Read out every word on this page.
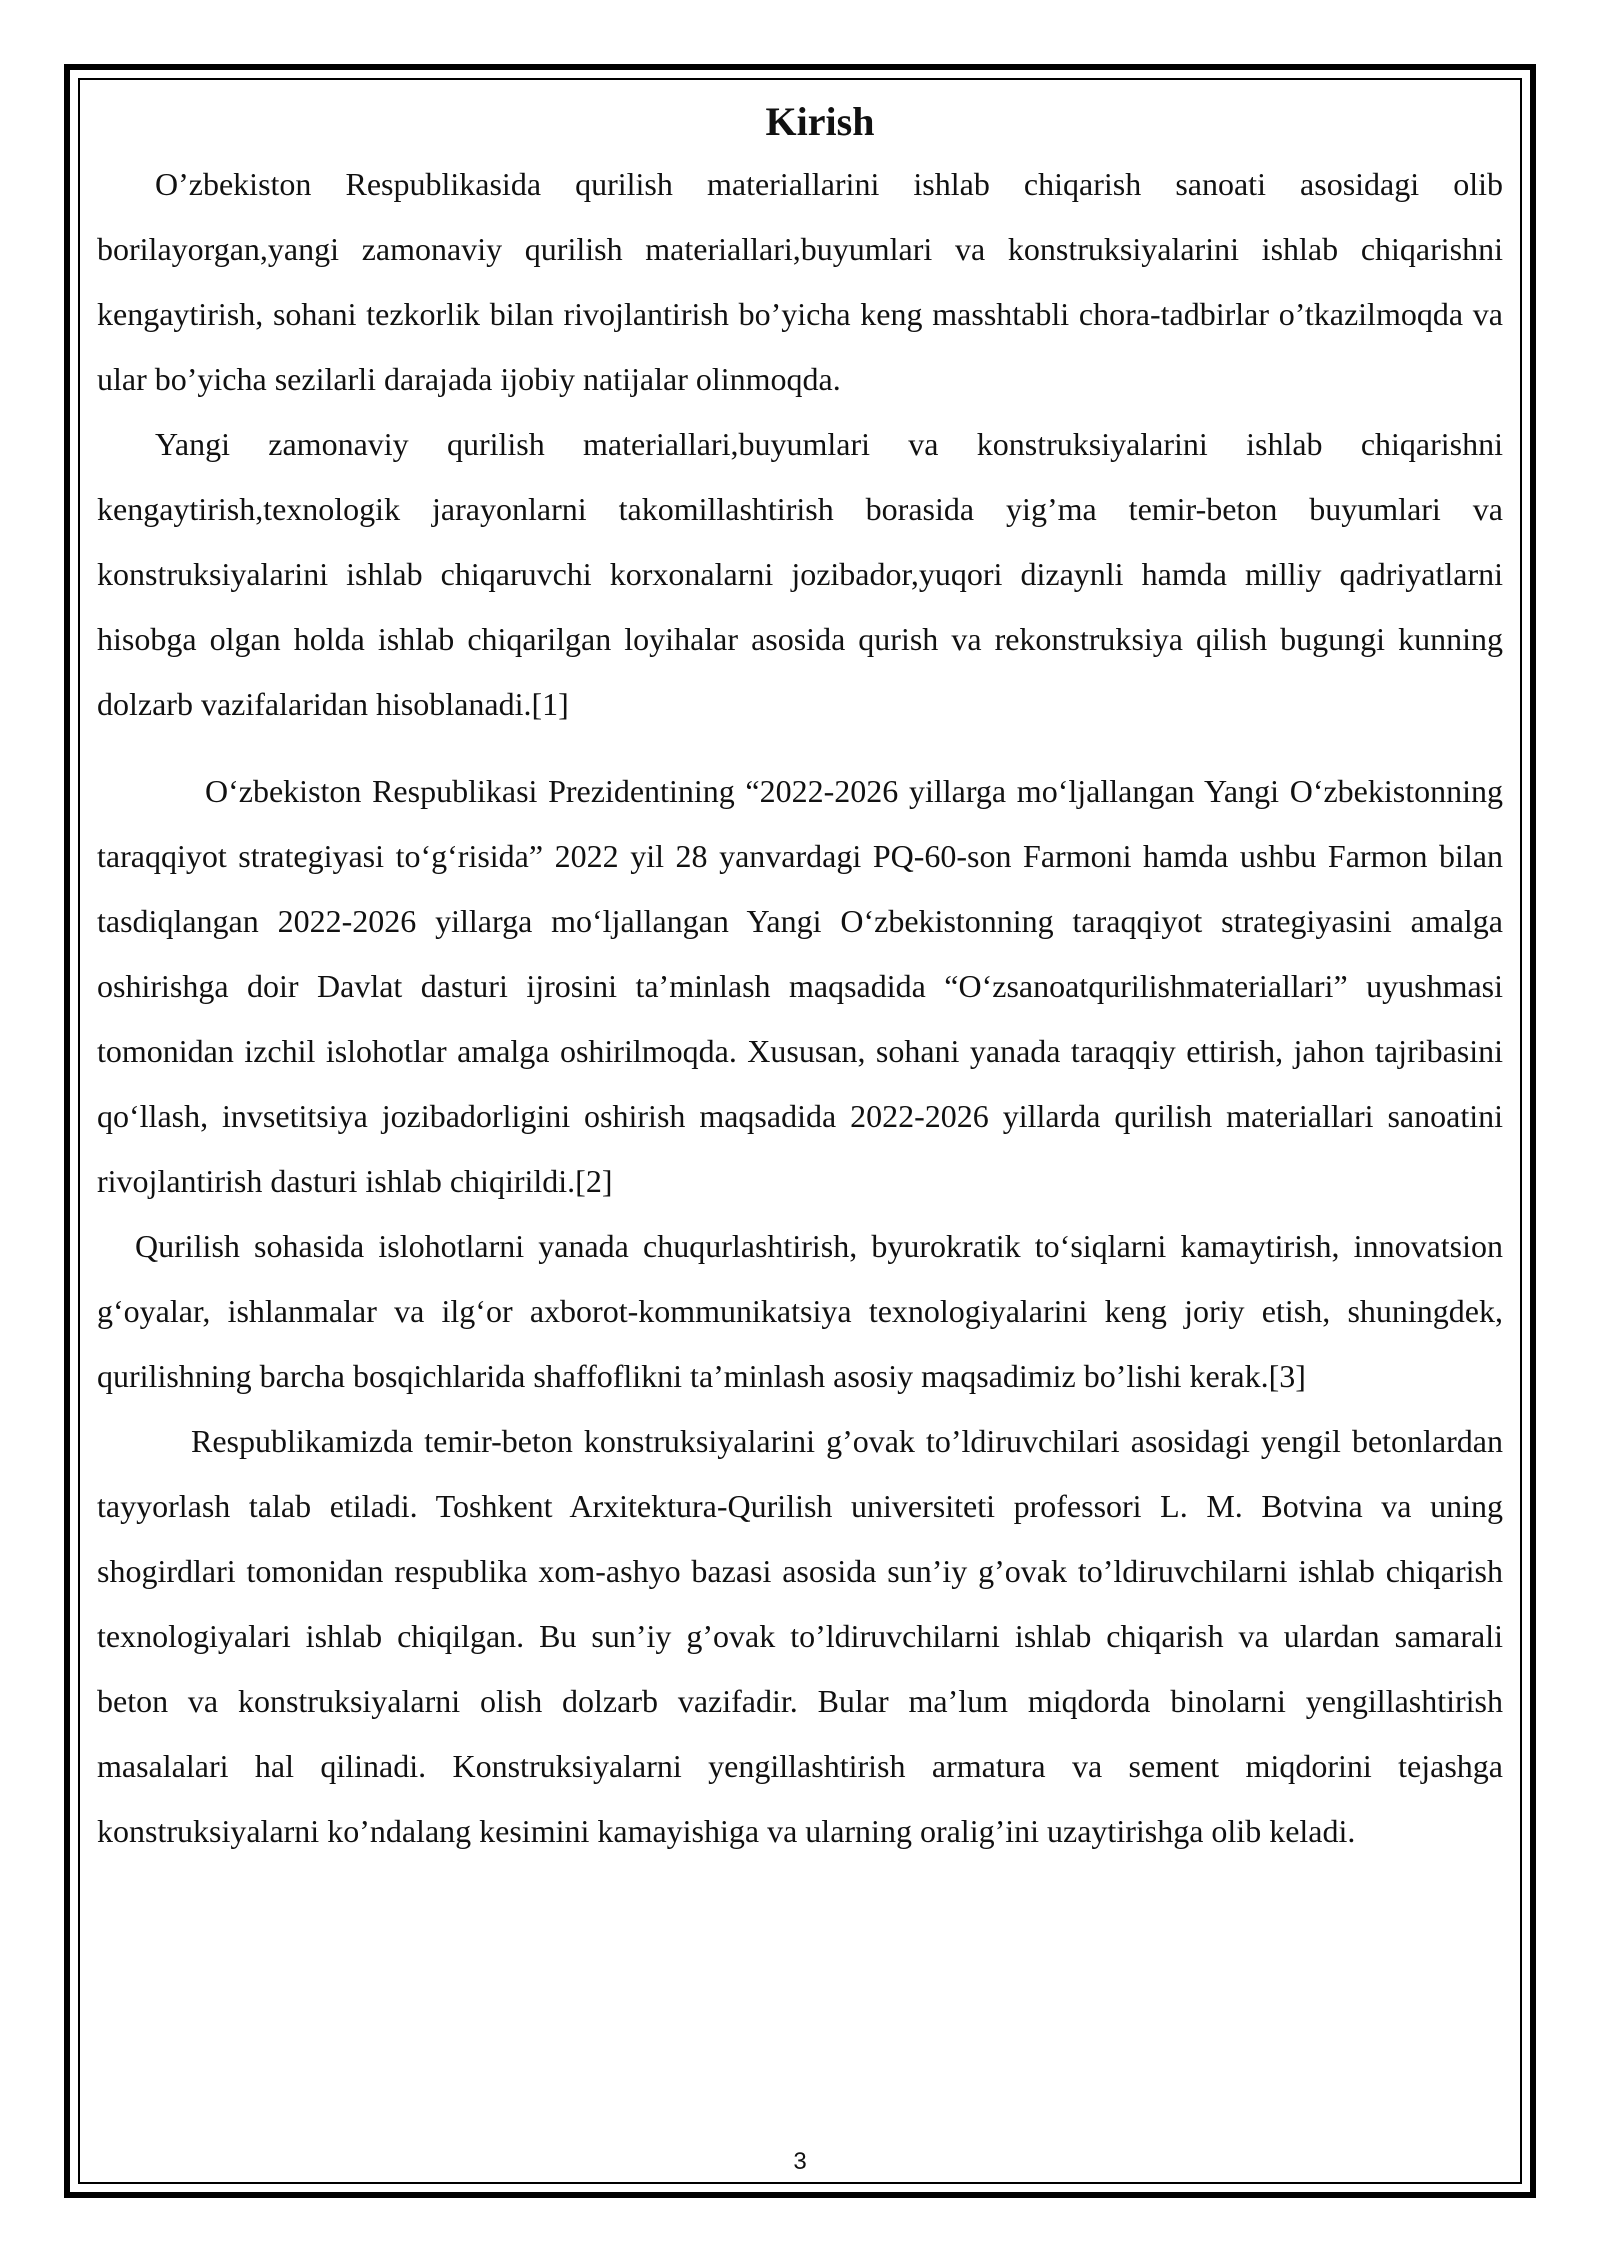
Kirish

O’zbekiston Respublikasida qurilish materiallarini ishlab chiqarish sanoati asosidagi olib borilayorgan,yangi zamonaviy qurilish materiallari,buyumlari va konstruksiyalarini ishlab chiqarishni kengaytirish, sohani tezkorlik bilan rivojlantirish bo’yicha keng masshtabli chora-tadbirlar o’tkazilmoqda va ular bo’yicha sezilarli darajada ijobiy natijalar olinmoqda.

Yangi zamonaviy qurilish materiallari,buyumlari va konstruksiyalarini ishlab chiqarishni kengaytirish,texnologik jarayonlarni takomillashtirish borasida yig’ma temir-beton buyumlari va konstruksiyalarini ishlab chiqaruvchi korxonalarni jozibador,yuqori dizaynli hamda milliy qadriyatlarni hisobga olgan holda ishlab chiqarilgan loyihalar asosida qurish va rekonstruksiya qilish bugungi kunning dolzarb vazifalaridan hisoblanadi.[1]

O‘zbekiston Respublikasi Prezidentining “2022-2026 yillarga mo‘ljallangan Yangi O‘zbekistonning taraqqiyot strategiyasi to‘g‘risida” 2022 yil 28 yanvardagi PQ-60-son Farmoni hamda ushbu Farmon bilan tasdiqlangan 2022-2026 yillarga mo‘ljallangan Yangi O‘zbekistonning taraqqiyot strategiyasini amalga oshirishga doir Davlat dasturi ijrosini ta’minlash maqsadida “O‘zsanoatqurilishmateriallari” uyushmasi tomonidan izchil islohotlar amalga oshirilmoqda. Xususan, sohani yanada taraqqiy ettirish, jahon tajribasini qo‘llash, invsetitsiya jozibadorligini oshirish maqsadida 2022-2026 yillarda qurilish materiallari sanoatini rivojlantirish dasturi ishlab chiqirildi.[2]

Qurilish sohasida islohotlarni yanada chuqurlashtirish, byurokratik to‘siqlarni kamaytirish, innovatsion g‘oyalar, ishlanmalar va ilg‘or axborot-kommunikatsiya texnologiyalarini keng joriy etish, shuningdek, qurilishning barcha bosqichlarida shaffoflikni ta’minlash asosiy maqsadimiz bo’lishi kerak.[3]

Respublikamizda temir-beton konstruksiyalarini g’ovak to’ldiruvchilari asosidagi yengil betonlardan tayyorlash talab etiladi. Toshkent Arxitektura-Qurilish universiteti professori L. M. Botvina va uning shogirdlari tomonidan respublika xom-ashyo bazasi asosida sun’iy g’ovak to’ldiruvchilarni ishlab chiqarish texnologiyalari ishlab chiqilgan. Bu sun’iy g’ovak to’ldiruvchilarni ishlab chiqarish va ulardan samarali beton va konstruksiyalarni olish dolzarb vazifadir. Bular ma’lum miqdorda binolarni yengillashtirish masalalari hal qilinadi. Konstruksiyalarni yengillashtirish armatura va sement miqdorini tejashga konstruksiyalarni ko’ndalang kesimini kamayishiga va ularning oralig’ini uzaytirishga olib keladi.

3
